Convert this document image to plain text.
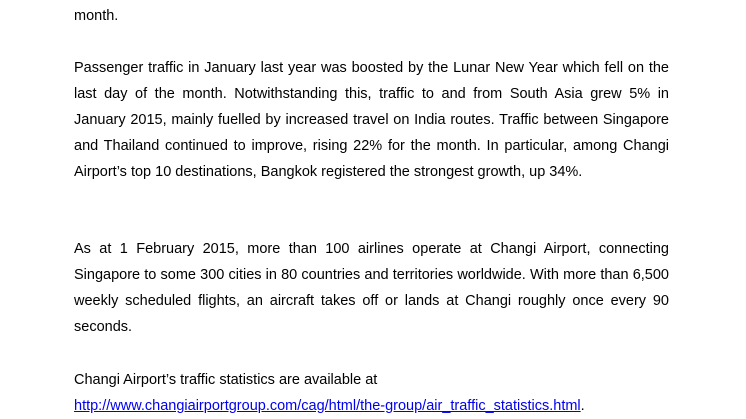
month.

Passenger traffic in January last year was boosted by the Lunar New Year which fell on the last day of the month. Notwithstanding this, traffic to and from South Asia grew 5% in January 2015, mainly fuelled by increased travel on India routes. Traffic between Singapore and Thailand continued to improve, rising 22% for the month. In particular, among Changi Airport’s top 10 destinations, Bangkok registered the strongest growth, up 34%.

As at 1 February 2015, more than 100 airlines operate at Changi Airport, connecting Singapore to some 300 cities in 80 countries and territories worldwide. With more than 6,500 weekly scheduled flights, an aircraft takes off or lands at Changi roughly once every 90 seconds.

Changi Airport’s traffic statistics are available at
http://www.changiairportgroup.com/cag/html/the-group/air_traffic_statistics.html.
